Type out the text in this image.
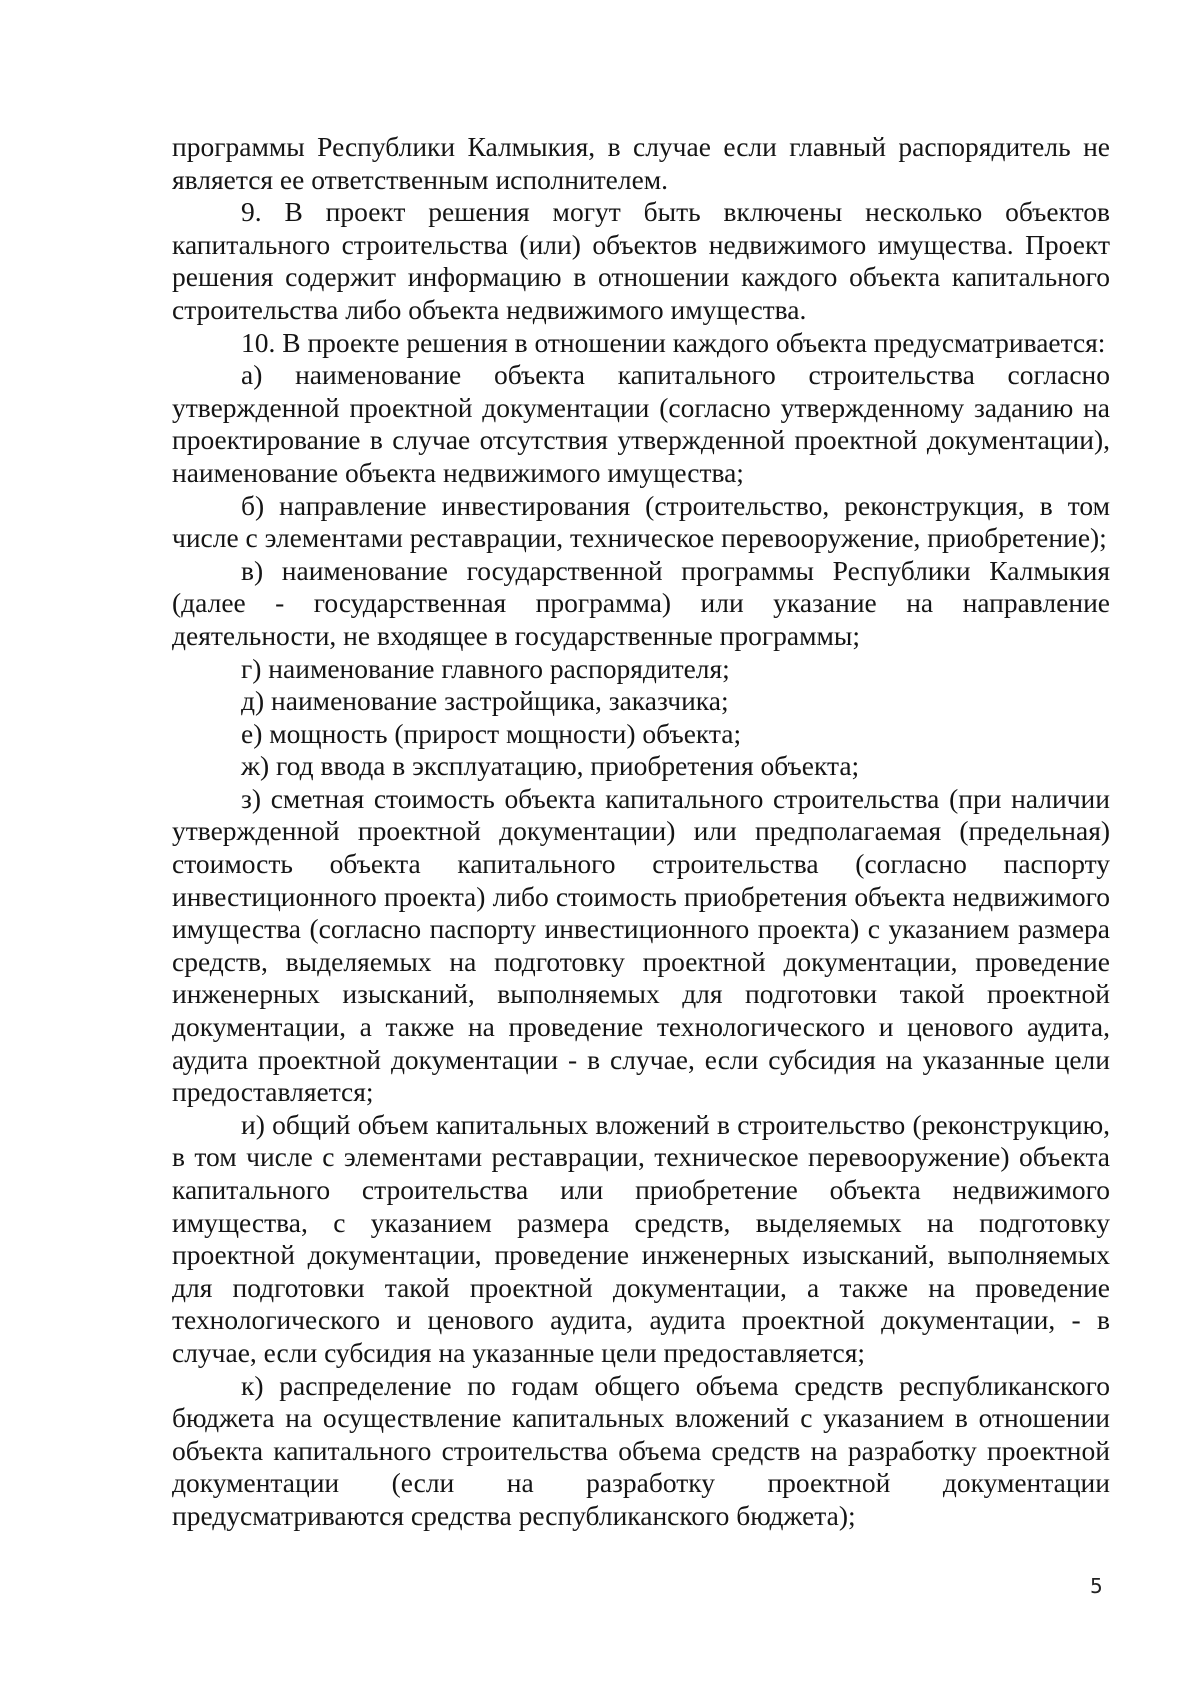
программы Республики Калмыкия, в случае если главный распорядитель не является ее ответственным исполнителем.

9. В проект решения могут быть включены несколько объектов капитального строительства (или) объектов недвижимого имущества. Проект решения содержит информацию в отношении каждого объекта капитального строительства либо объекта недвижимого имущества.

10. В проекте решения в отношении каждого объекта предусматривается:

а) наименование объекта капитального строительства согласно утвержденной проектной документации (согласно утвержденному заданию на проектирование в случае отсутствия утвержденной проектной документации), наименование объекта недвижимого имущества;

б) направление инвестирования (строительство, реконструкция, в том числе с элементами реставрации, техническое перевооружение, приобретение);

в) наименование государственной программы Республики Калмыкия (далее - государственная программа) или указание на направление деятельности, не входящее в государственные программы;

г) наименование главного распорядителя;

д) наименование застройщика, заказчика;

е) мощность (прирост мощности) объекта;

ж) год ввода в эксплуатацию, приобретения объекта;

з) сметная стоимость объекта капитального строительства (при наличии утвержденной проектной документации) или предполагаемая (предельная) стоимость объекта капитального строительства (согласно паспорту инвестиционного проекта) либо стоимость приобретения объекта недвижимого имущества (согласно паспорту инвестиционного проекта) с указанием размера средств, выделяемых на подготовку проектной документации, проведение инженерных изысканий, выполняемых для подготовки такой проектной документации, а также на проведение технологического и ценового аудита, аудита проектной документации - в случае, если субсидия на указанные цели предоставляется;

и) общий объем капитальных вложений в строительство (реконструкцию, в том числе с элементами реставрации, техническое перевооружение) объекта капитального строительства или приобретение объекта недвижимого имущества, с указанием размера средств, выделяемых на подготовку проектной документации, проведение инженерных изысканий, выполняемых для подготовки такой проектной документации, а также на проведение технологического и ценового аудита, аудита проектной документации, - в случае, если субсидия на указанные цели предоставляется;

к) распределение по годам общего объема средств республиканского бюджета на осуществление капитальных вложений с указанием в отношении объекта капитального строительства объема средств на разработку проектной документации (если на разработку проектной документации предусматриваются средства республиканского бюджета);

5
